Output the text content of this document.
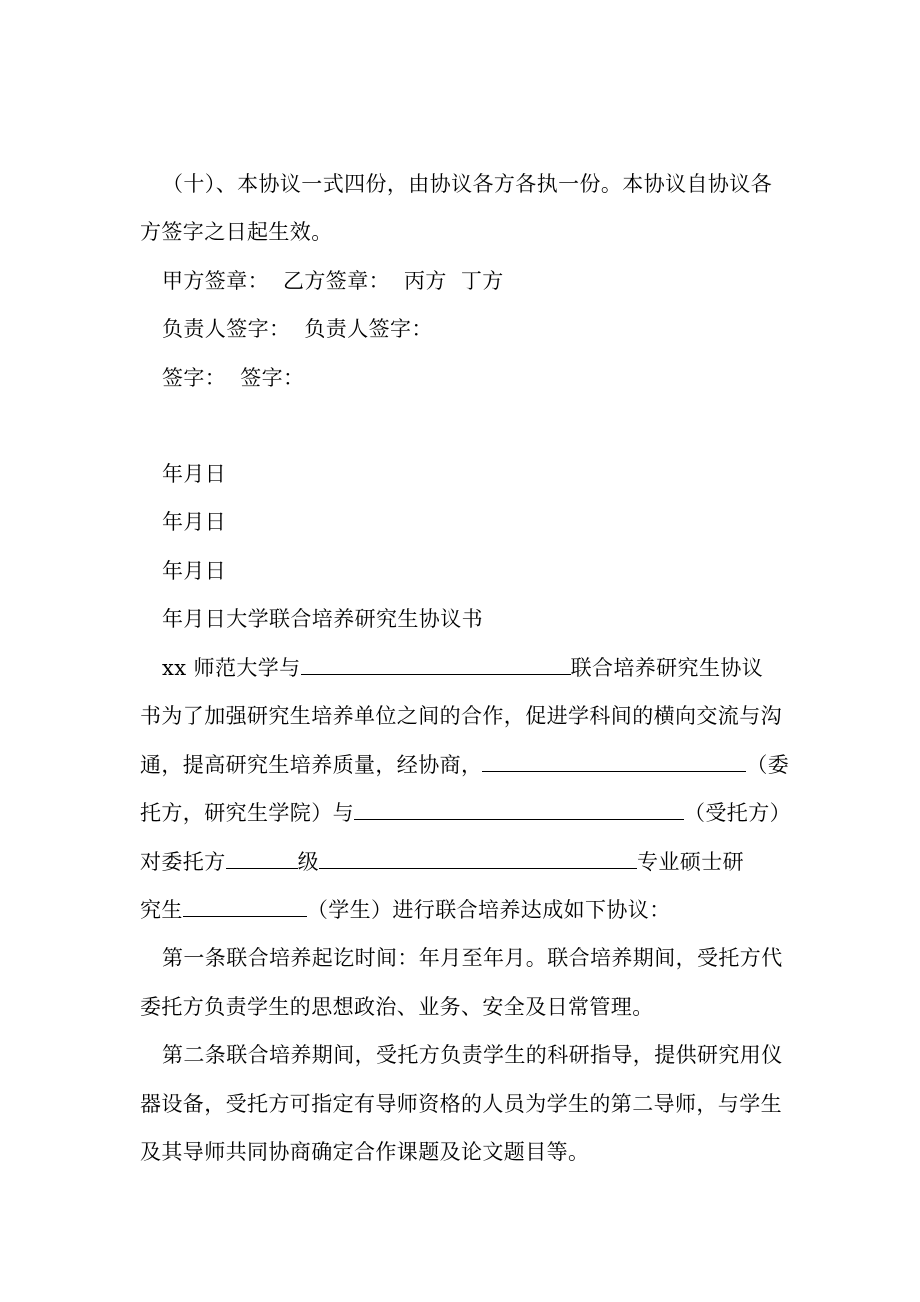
（十）、本协议一式四份，由协议各方各执一份。本协议自协议各
方签字之日起生效。
甲方签章： 乙方签章： 丙方 丁方
负责人签字： 负责人签字：
签字： 签字：
年月日
年月日
年月日
年月日大学联合培养研究生协议书
xx 师范大学与	联合培养研究生协议
书为了加强研究生培养单位之间的合作，促进学科间的横向交流与沟
通，提高研究生培养质量，经协商，	（委
托方，研究生学院）与	（受托方）
对委托方	级	专业硕士研
究生	（学生）进行联合培养达成如下协议：
第一条联合培养起讫时间：年月至年月。联合培养期间，受托方代
委托方负责学生的思想政治、业务、安全及日常管理。
第二条联合培养期间，受托方负责学生的科研指导，提供研究用仪
器设备，受托方可指定有导师资格的人员为学生的第二导师，与学生
及其导师共同协商确定合作课题及论文题目等。
